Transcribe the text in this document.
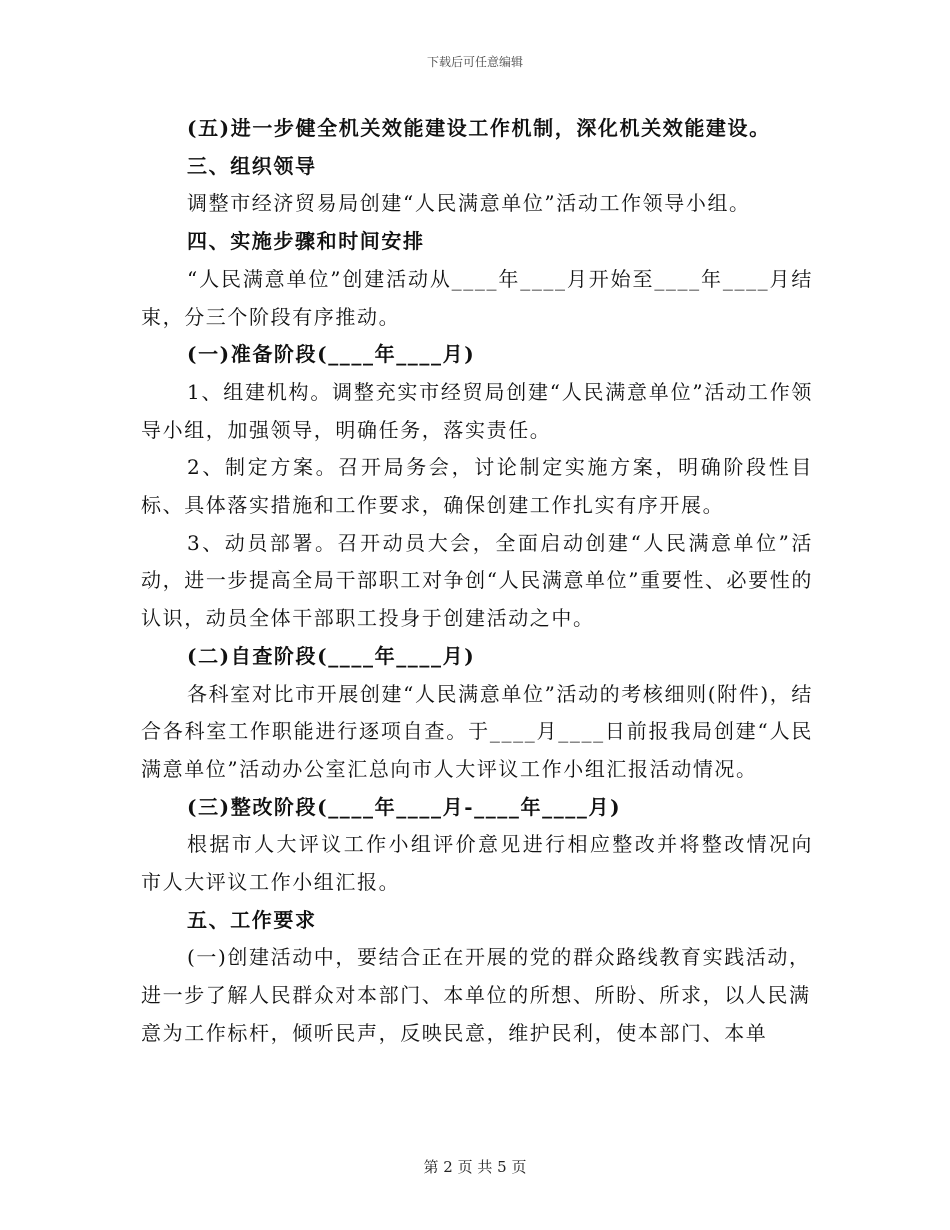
下载后可任意编辑

(五)进一步健全机关效能建设工作机制，深化机关效能建设。

三、组织领导

调整市经济贸易局创建“人民满意单位”活动工作领导小组。

四、实施步骤和时间安排

“人民满意单位”创建活动从____年____月开始至____年____月结束，分三个阶段有序推动。

(一)准备阶段(____年____月)

1、组建机构。调整充实市经贸局创建“人民满意单位”活动工作领导小组，加强领导，明确任务，落实责任。

2、制定方案。召开局务会，讨论制定实施方案，明确阶段性目标、具体落实措施和工作要求，确保创建工作扎实有序开展。

3、动员部署。召开动员大会，全面启动创建“人民满意单位”活动，进一步提高全局干部职工对争创“人民满意单位”重要性、必要性的认识，动员全体干部职工投身于创建活动之中。

(二)自查阶段(____年____月)

各科室对比市开展创建“人民满意单位”活动的考核细则(附件)，结合各科室工作职能进行逐项自查。于____月____日前报我局创建“人民满意单位”活动办公室汇总向市人大评议工作小组汇报活动情况。

(三)整改阶段(____年____月-____年____月)

根据市人大评议工作小组评价意见进行相应整改并将整改情况向市人大评议工作小组汇报。

五、工作要求

(一)创建活动中，要结合正在开展的党的群众路线教育实践活动，进一步了解人民群众对本部门、本单位的所想、所盼、所求，以人民满意为工作标杆，倾听民声，反映民意，维护民利，使本部门、本单

第 2 页 共 5 页
